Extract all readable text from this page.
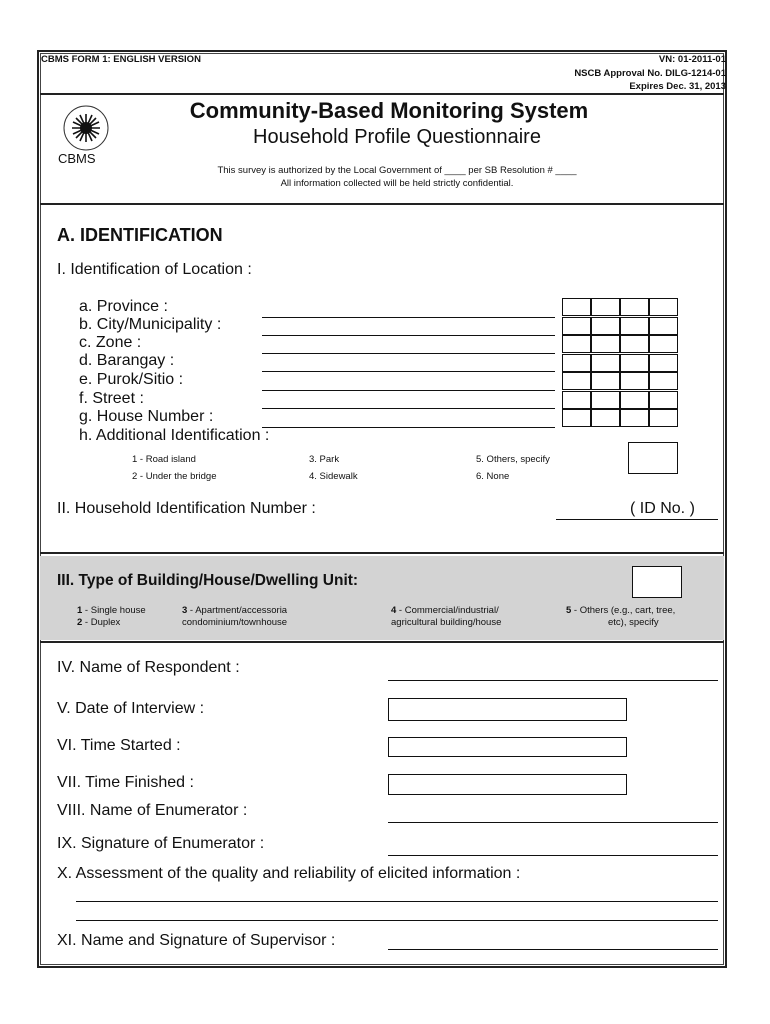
CBMS FORM 1: ENGLISH VERSION	VN: 01-2011-01
NSCB Approval No. DILG-1214-01
Expires Dec. 31, 2013
CBMS
Community-Based Monitoring System
Household Profile Questionnaire
This survey is authorized by the Local Government of ____ per SB Resolution # ____
All information collected will be held strictly confidential.
A. IDENTIFICATION
I. Identification of Location :
a. Province :
b. City/Municipality :
c. Zone :
d. Barangay :
e. Purok/Sitio :
f. Street :
g. House Number :
h. Additional Identification :
1 - Road island
2 - Under the bridge
3. Park
4. Sidewalk
5. Others, specify
6. None
II. Household Identification Number :	( ID No. )
III. Type of Building/House/Dwelling Unit:
1 - Single house
2 - Duplex
3 - Apartment/accessoria
condominium/townhouse
4 - Commercial/industrial/
agricultural building/house
5 - Others (e.g., cart, tree,
etc), specify
IV. Name of Respondent :
V. Date of Interview :
VI. Time Started :
VII. Time Finished :
VIII. Name of Enumerator :
IX. Signature of Enumerator :
X. Assessment of the quality and reliability of elicited information :
XI. Name and Signature of Supervisor :
